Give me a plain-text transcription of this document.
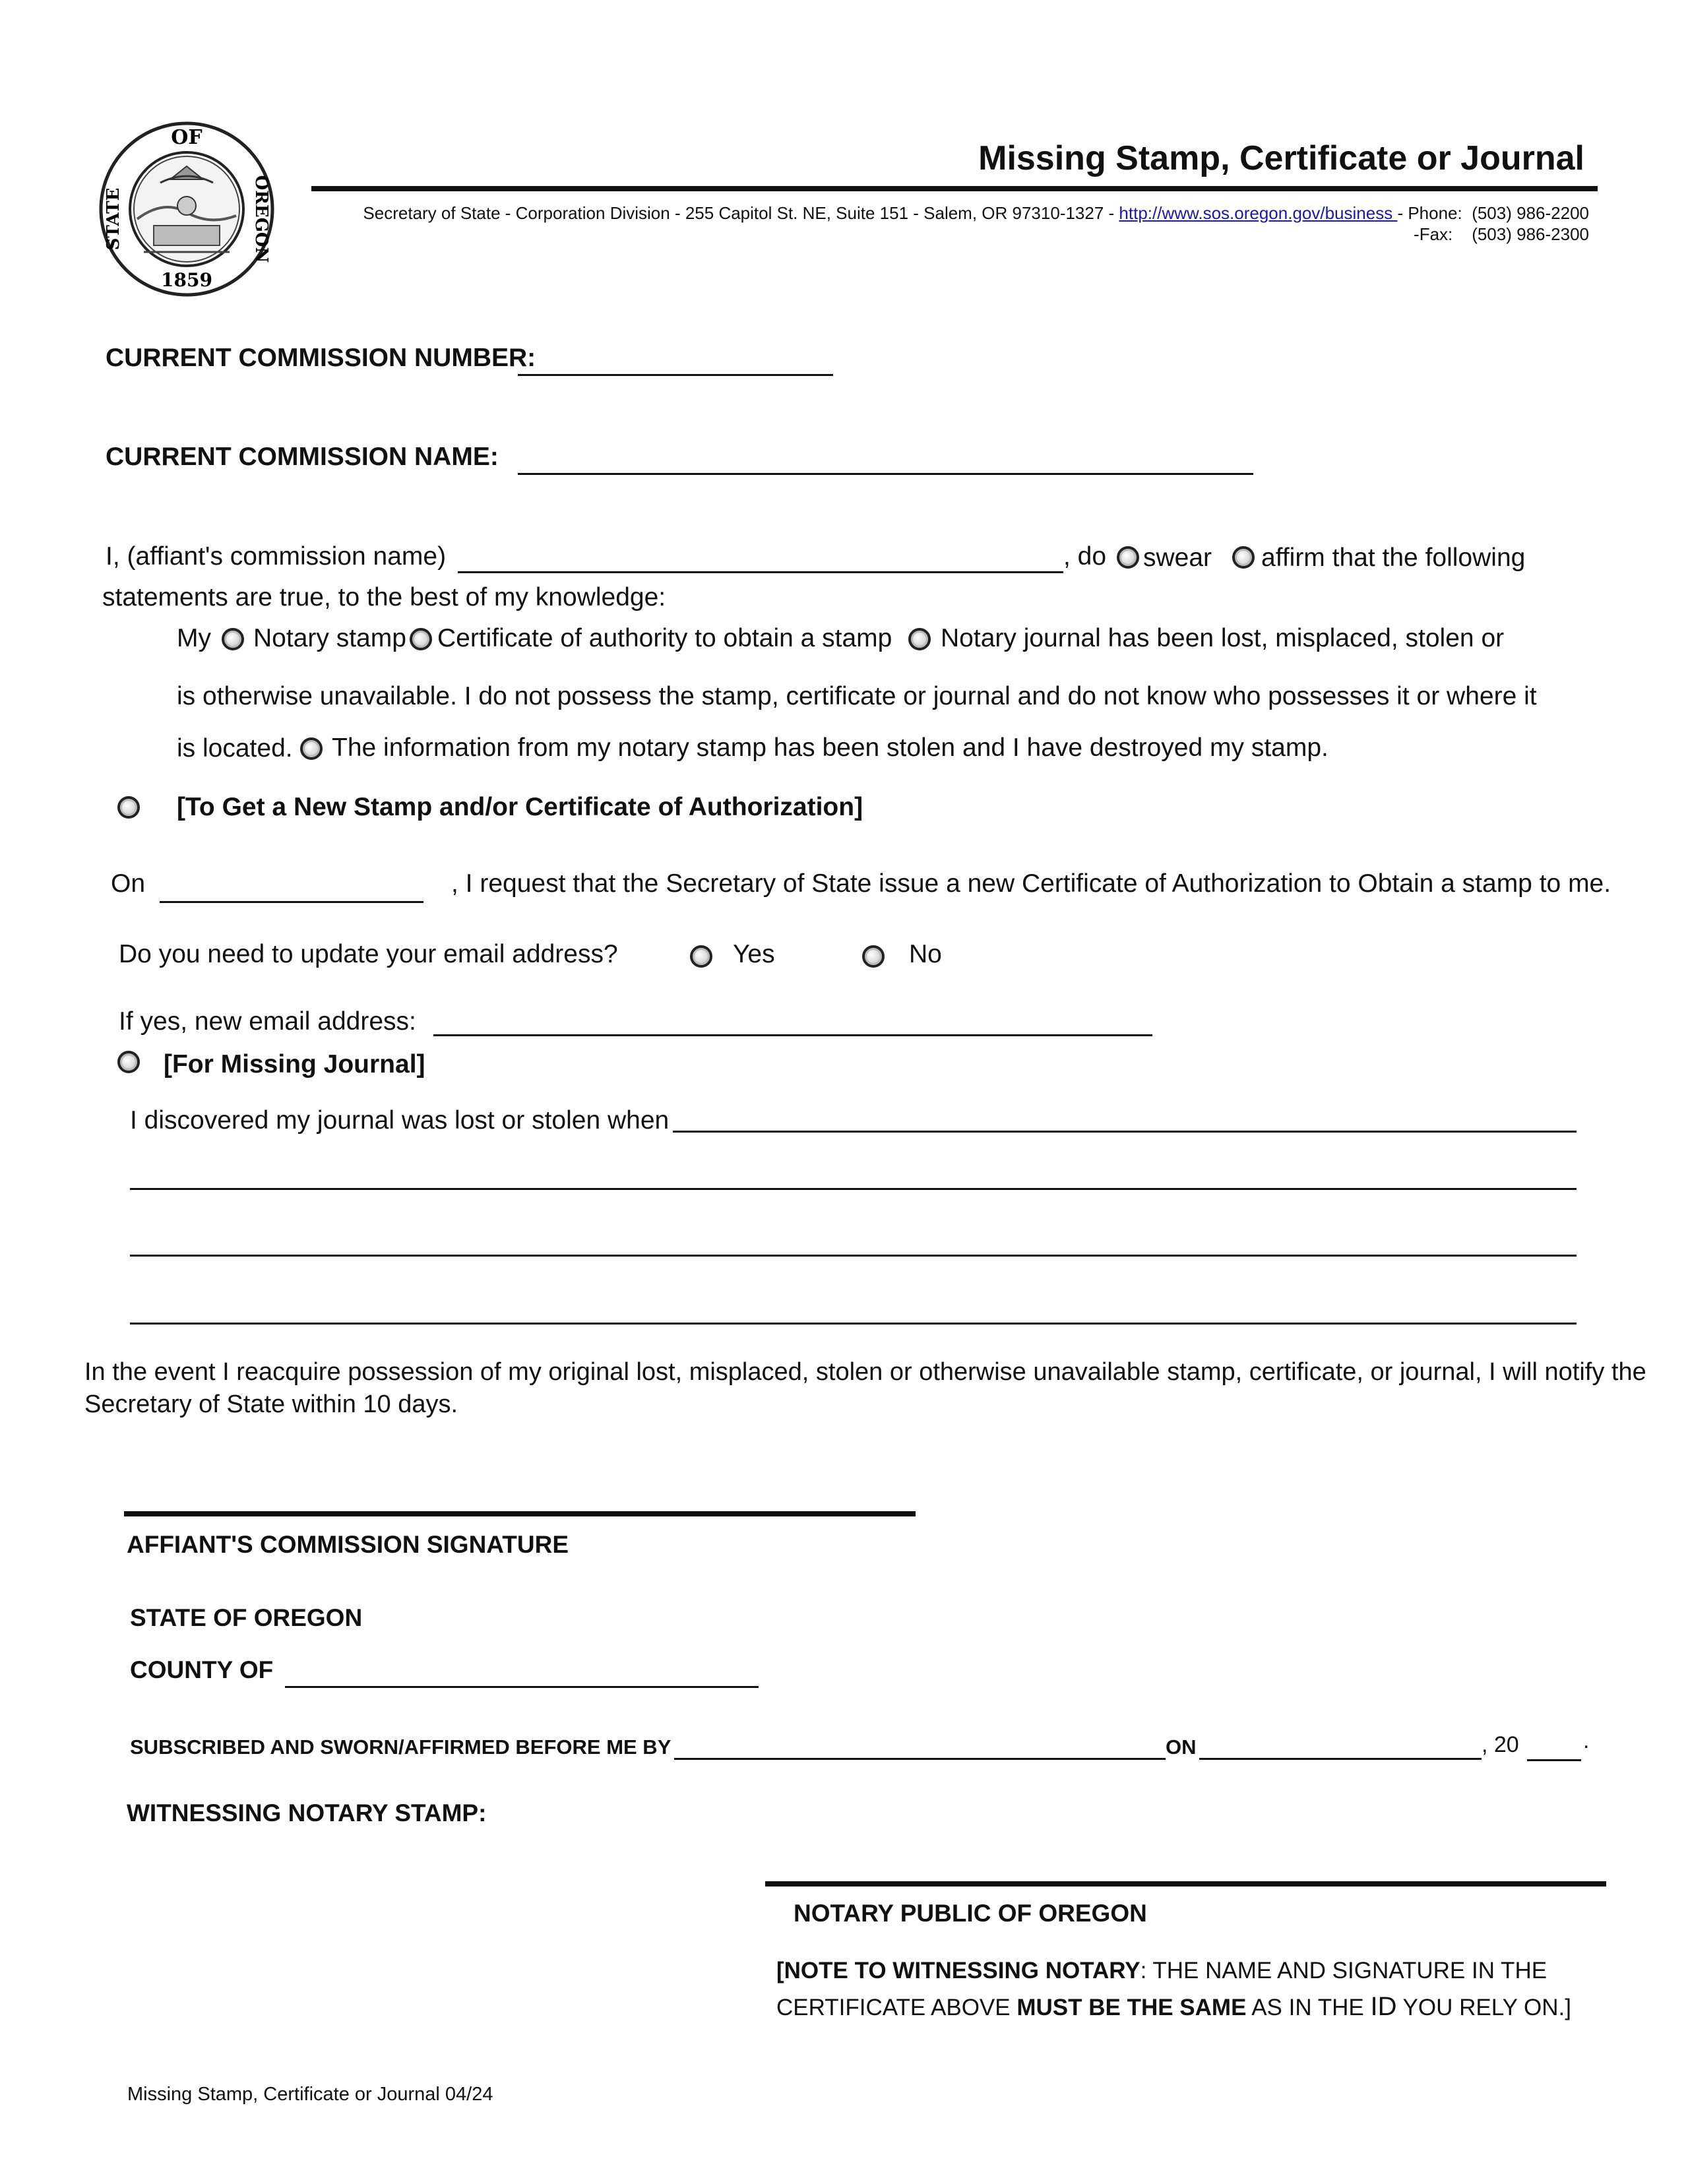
OF
STATE	OREGON
1859
Missing Stamp, Certificate or Journal
Secretary of State - Corporation Division - 255 Capitol St. NE, Suite 151 - Salem, OR 97310-1327 - http://www.sos.oregon.gov/business - Phone: (503) 986-2200
-Fax: (503) 986-2300
CURRENT COMMISSION NUMBER:
CURRENT COMMISSION NAME:
I, (affiant's commission name)	, do swear affirm that the following
statements are true, to the best of my knowledge:
My Notary stamp Certificate of authority to obtain a stamp Notary journal has been lost, misplaced, stolen or
is otherwise unavailable. I do not possess the stamp, certificate or journal and do not know who possesses it or where it
is located. The information from my notary stamp has been stolen and I have destroyed my stamp.
[To Get a New Stamp and/or Certificate of Authorization]
On	, I request that the Secretary of State issue a new Certificate of Authorization to Obtain a stamp to me.
Do you need to update your email address?	Yes	No
If yes, new email address:
[For Missing Journal]
I discovered my journal was lost or stolen when
In the event I reacquire possession of my original lost, misplaced, stolen or otherwise unavailable stamp, certificate, or journal, I will notify the
Secretary of State within 10 days.
AFFIANT'S COMMISSION SIGNATURE
STATE OF OREGON
COUNTY OF
SUBSCRIBED AND SWORN/AFFIRMED BEFORE ME BY	ON	, 20	.
WITNESSING NOTARY STAMP:
NOTARY PUBLIC OF OREGON
[NOTE TO WITNESSING NOTARY: THE NAME AND SIGNATURE IN THE
CERTIFICATE ABOVE MUST BE THE SAME AS IN THE ID YOU RELY ON.]
Missing Stamp, Certificate or Journal 04/24
